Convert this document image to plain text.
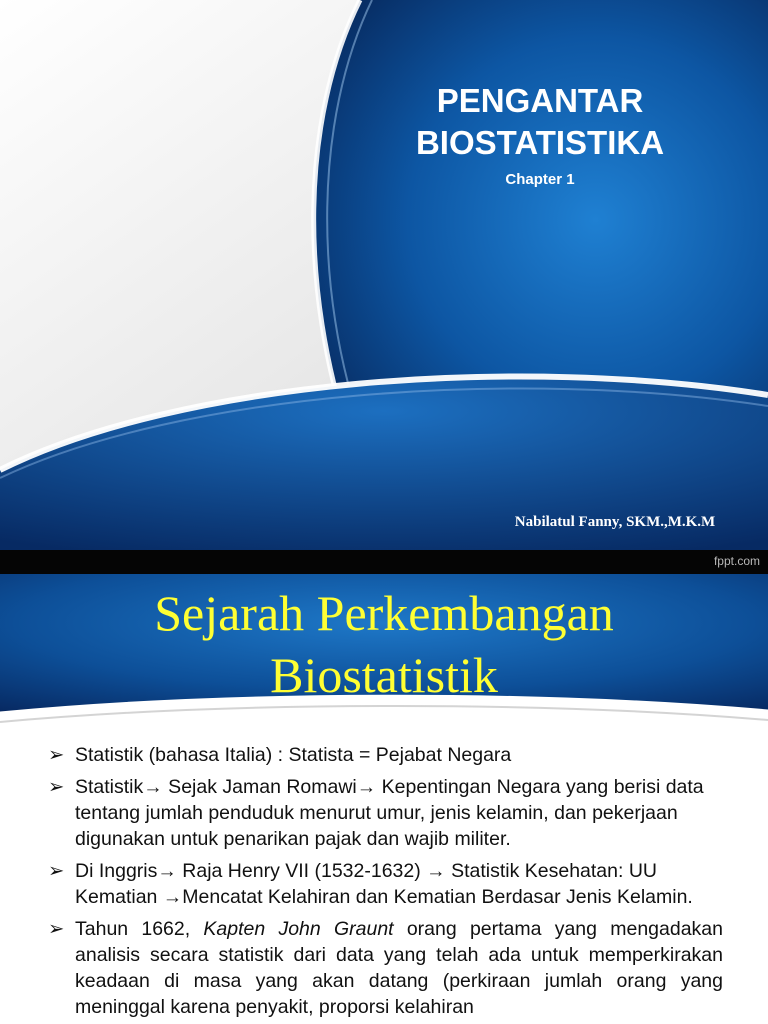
PENGANTAR
BIOSTATISTIKA
Chapter 1
Nabilatul Fanny, SKM.,M.K.M
fppt.com
Sejarah Perkembangan
Biostatistik
➢ Statistik (bahasa Italia) : Statista = Pejabat Negara
➢ Statistik→ Sejak Jaman Romawi→ Kepentingan Negara yang berisi data tentang jumlah penduduk menurut umur, jenis kelamin, dan pekerjaan digunakan untuk penarikan pajak dan wajib militer.
➢ Di Inggris→ Raja Henry VII (1532-1632) → Statistik Kesehatan: UU Kematian →Mencatat Kelahiran dan Kematian Berdasar Jenis Kelamin.
➢ Tahun 1662, Kapten John Graunt orang pertama yang mengadakan analisis secara statistik dari data yang telah ada untuk memperkirakan keadaan di masa yang akan datang (perkiraan jumlah orang yang meninggal karena penyakit, proporsi kelahiran
